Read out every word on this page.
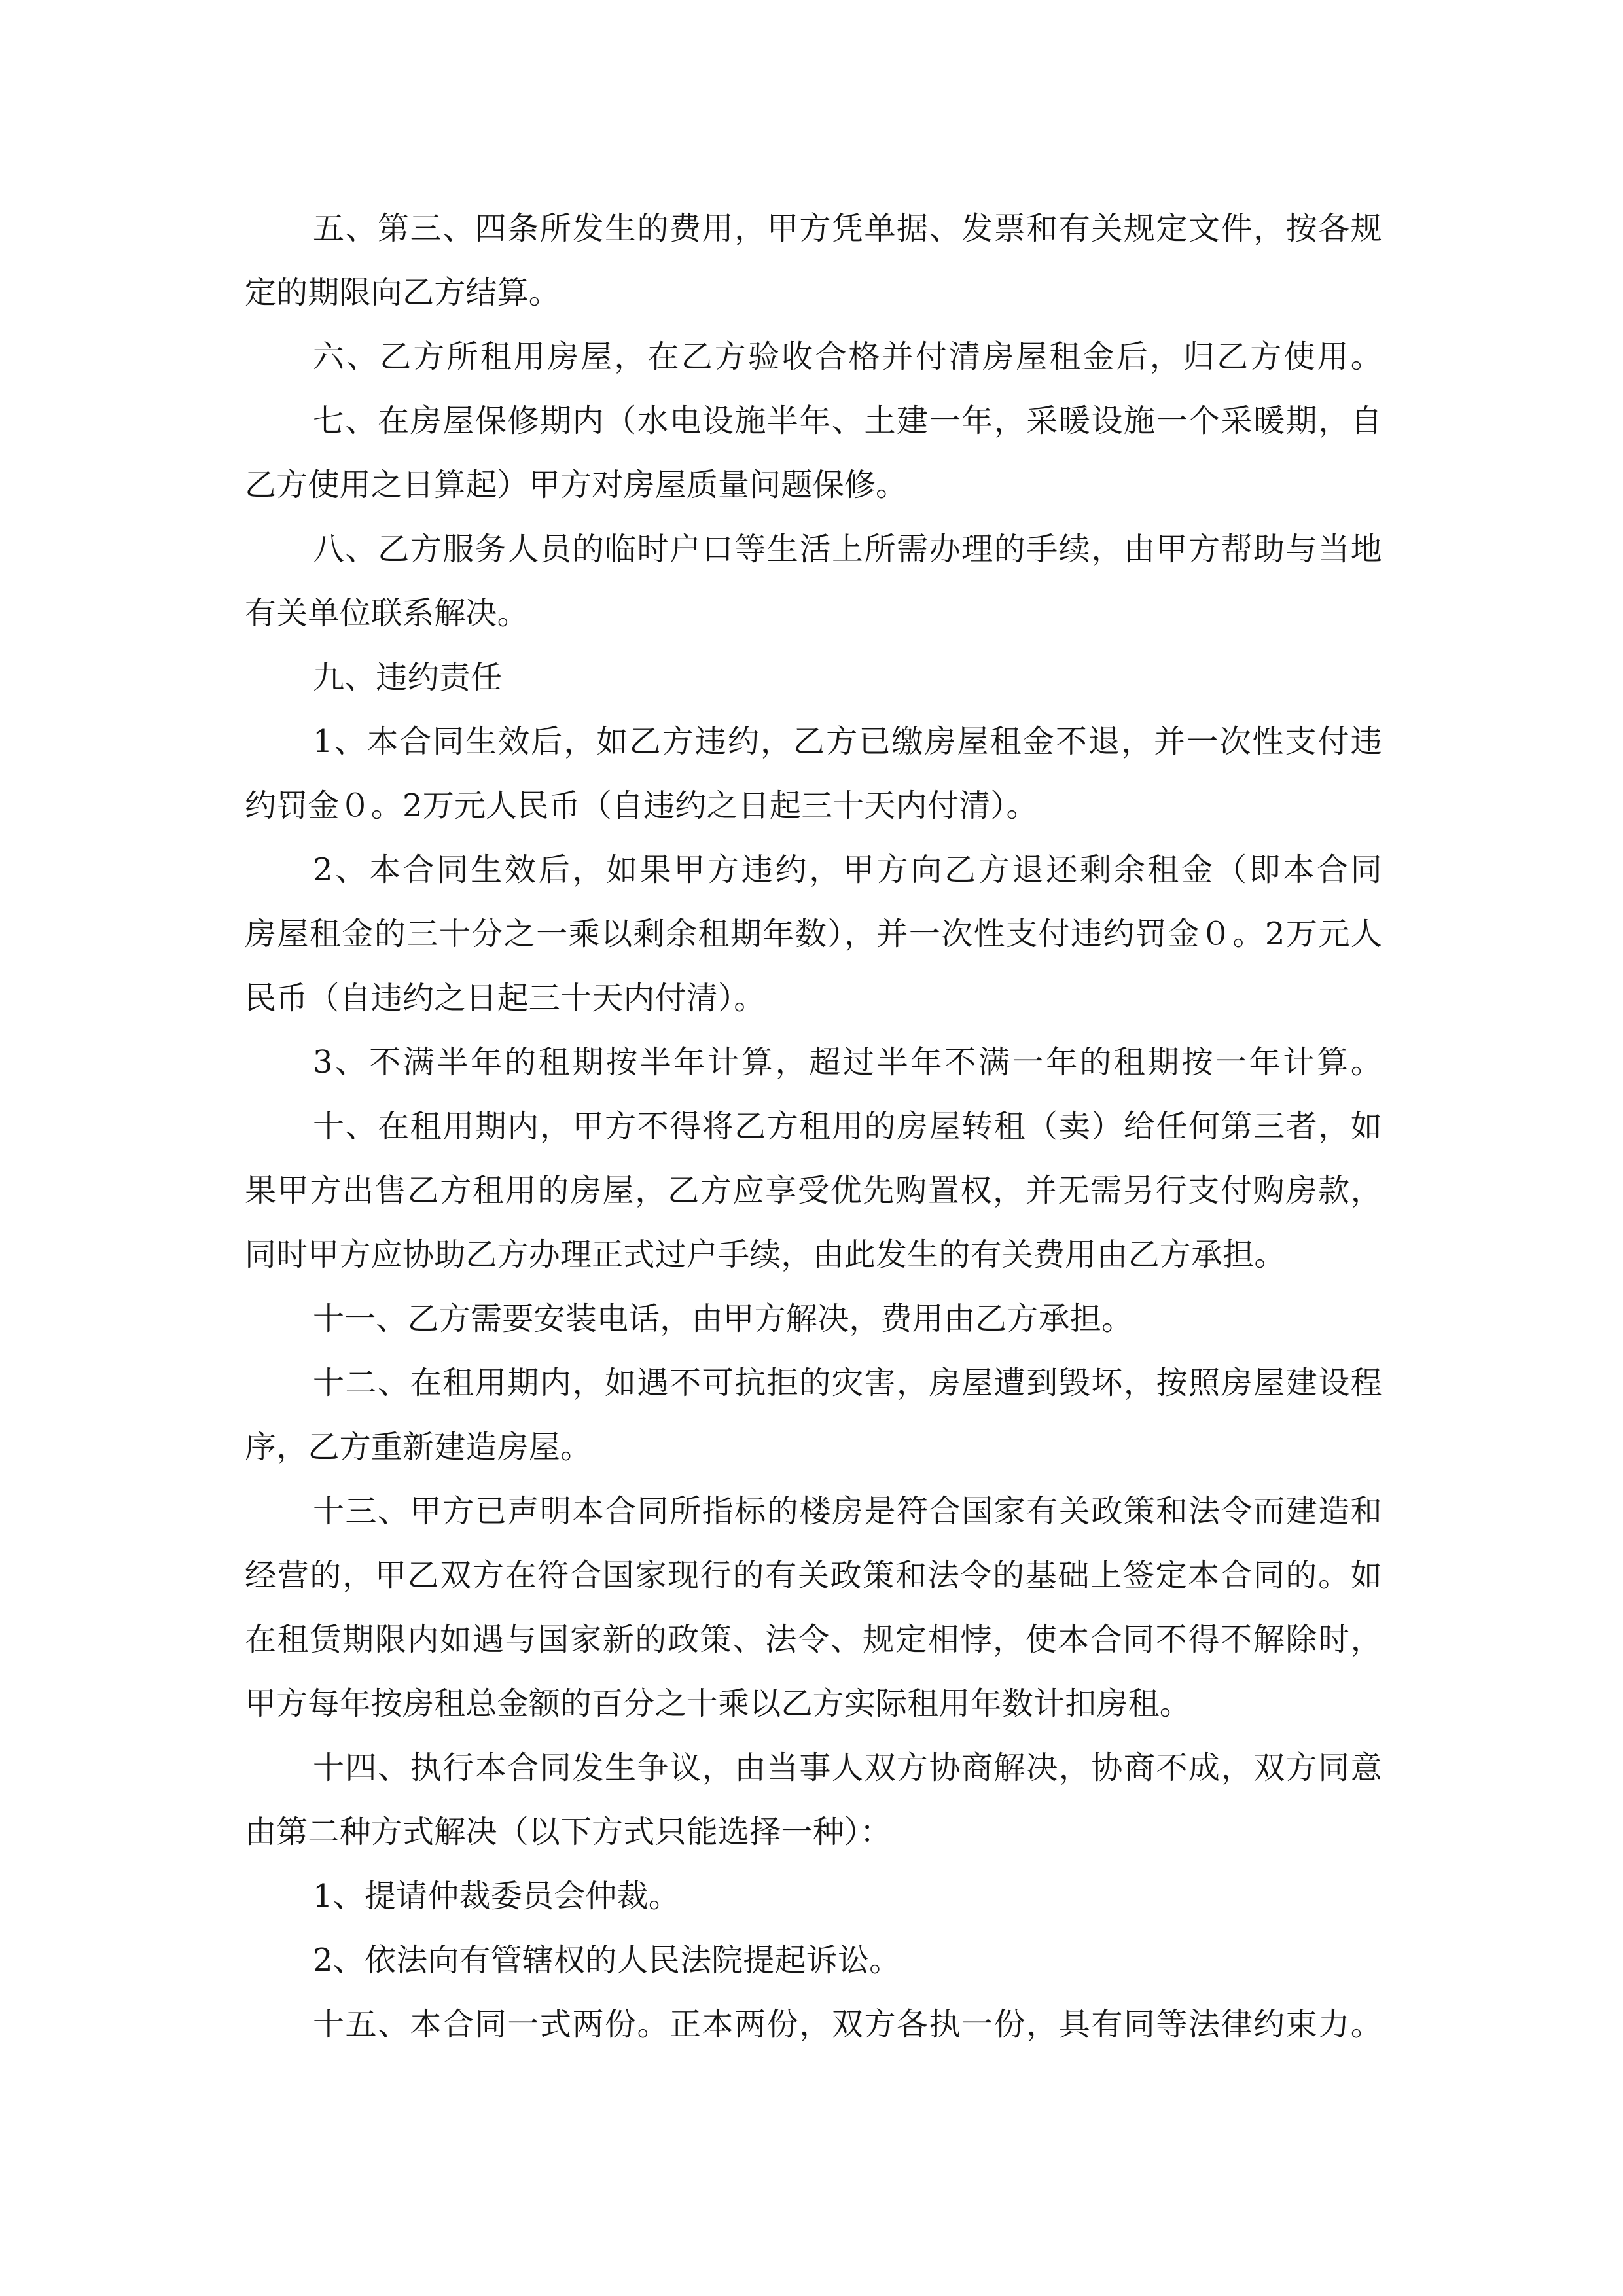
五、第三、四条所发生的费用，甲方凭单据、发票和有关规定文件，按各规

定的期限向乙方结算。

六、乙方所租用房屋，在乙方验收合格并付清房屋租金后，归乙方使用。

七、在房屋保修期内（水电设施半年、土建一年，采暖设施一个采暖期，自

乙方使用之日算起）甲方对房屋质量问题保修。

八、乙方服务人员的临时户口等生活上所需办理的手续，由甲方帮助与当地

有关单位联系解决。

九、违约责任

1、本合同生效后，如乙方违约，乙方已缴房屋租金不退，并一次性支付违

约罚金０。2万元人民币（自违约之日起三十天内付清）。

2、本合同生效后，如果甲方违约，甲方向乙方退还剩余租金（即本合同

房屋租金的三十分之一乘以剩余租期年数），并一次性支付违约罚金０。2万元人

民币（自违约之日起三十天内付清）。

3、不满半年的租期按半年计算，超过半年不满一年的租期按一年计算。

十、在租用期内，甲方不得将乙方租用的房屋转租（卖）给任何第三者，如

果甲方出售乙方租用的房屋，乙方应享受优先购置权，并无需另行支付购房款，

同时甲方应协助乙方办理正式过户手续，由此发生的有关费用由乙方承担。

十一、乙方需要安装电话，由甲方解决，费用由乙方承担。

十二、在租用期内，如遇不可抗拒的灾害，房屋遭到毁坏，按照房屋建设程

序，乙方重新建造房屋。

十三、甲方已声明本合同所指标的楼房是符合国家有关政策和法令而建造和

经营的，甲乙双方在符合国家现行的有关政策和法令的基础上签定本合同的。如

在租赁期限内如遇与国家新的政策、法令、规定相悖，使本合同不得不解除时，

甲方每年按房租总金额的百分之十乘以乙方实际租用年数计扣房租。

十四、执行本合同发生争议，由当事人双方协商解决，协商不成，双方同意

由第二种方式解决（以下方式只能选择一种）：

1、提请仲裁委员会仲裁。

2、依法向有管辖权的人民法院提起诉讼。

十五、本合同一式两份。正本两份，双方各执一份，具有同等法律约束力。
